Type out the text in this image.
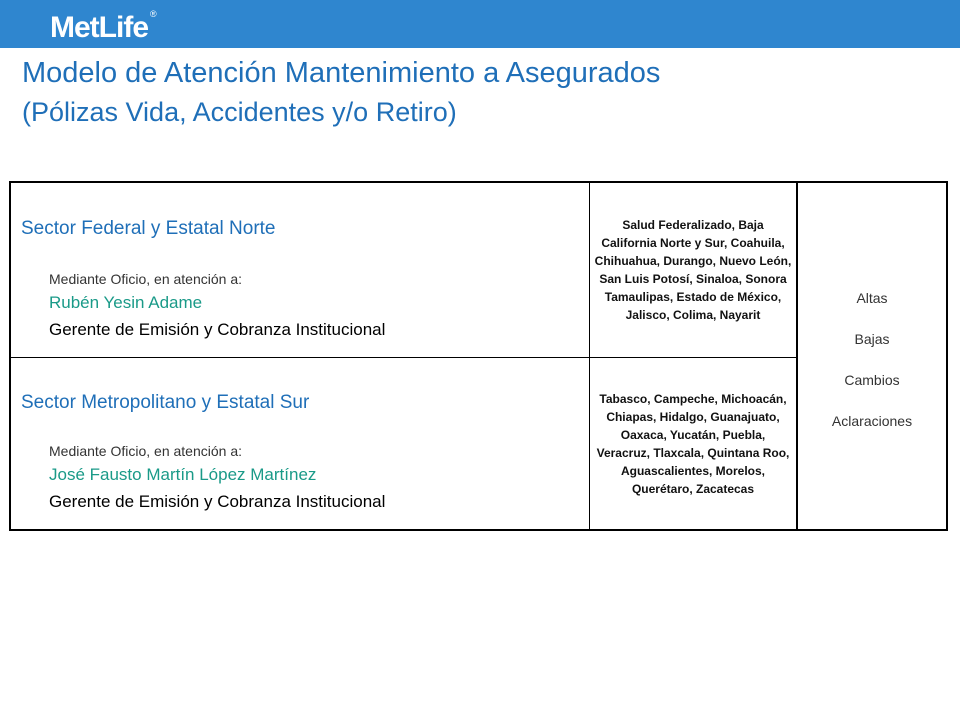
MetLife ®
Modelo de Atención Mantenimiento a Asegurados
(Pólizas Vida, Accidentes y/o Retiro)
Sector Federal y Estatal Norte
Mediante Oficio, en atención a:
Rubén Yesin Adame
Gerente de Emisión y Cobranza Institucional
Salud Federalizado, Baja California Norte y Sur, Coahuila, Chihuahua, Durango, Nuevo León, San Luis Potosí, Sinaloa, Sonora Tamaulipas, Estado de México, Jalisco, Colima, Nayarit
Sector Metropolitano y Estatal Sur
Mediante Oficio, en atención a:
José Fausto Martín López Martínez
Gerente de Emisión y Cobranza Institucional
Tabasco, Campeche, Michoacán, Chiapas, Hidalgo, Guanajuato, Oaxaca, Yucatán, Puebla, Veracruz, Tlaxcala, Quintana Roo, Aguascalientes, Morelos, Querétaro, Zacatecas
Altas
Bajas
Cambios
Aclaraciones
